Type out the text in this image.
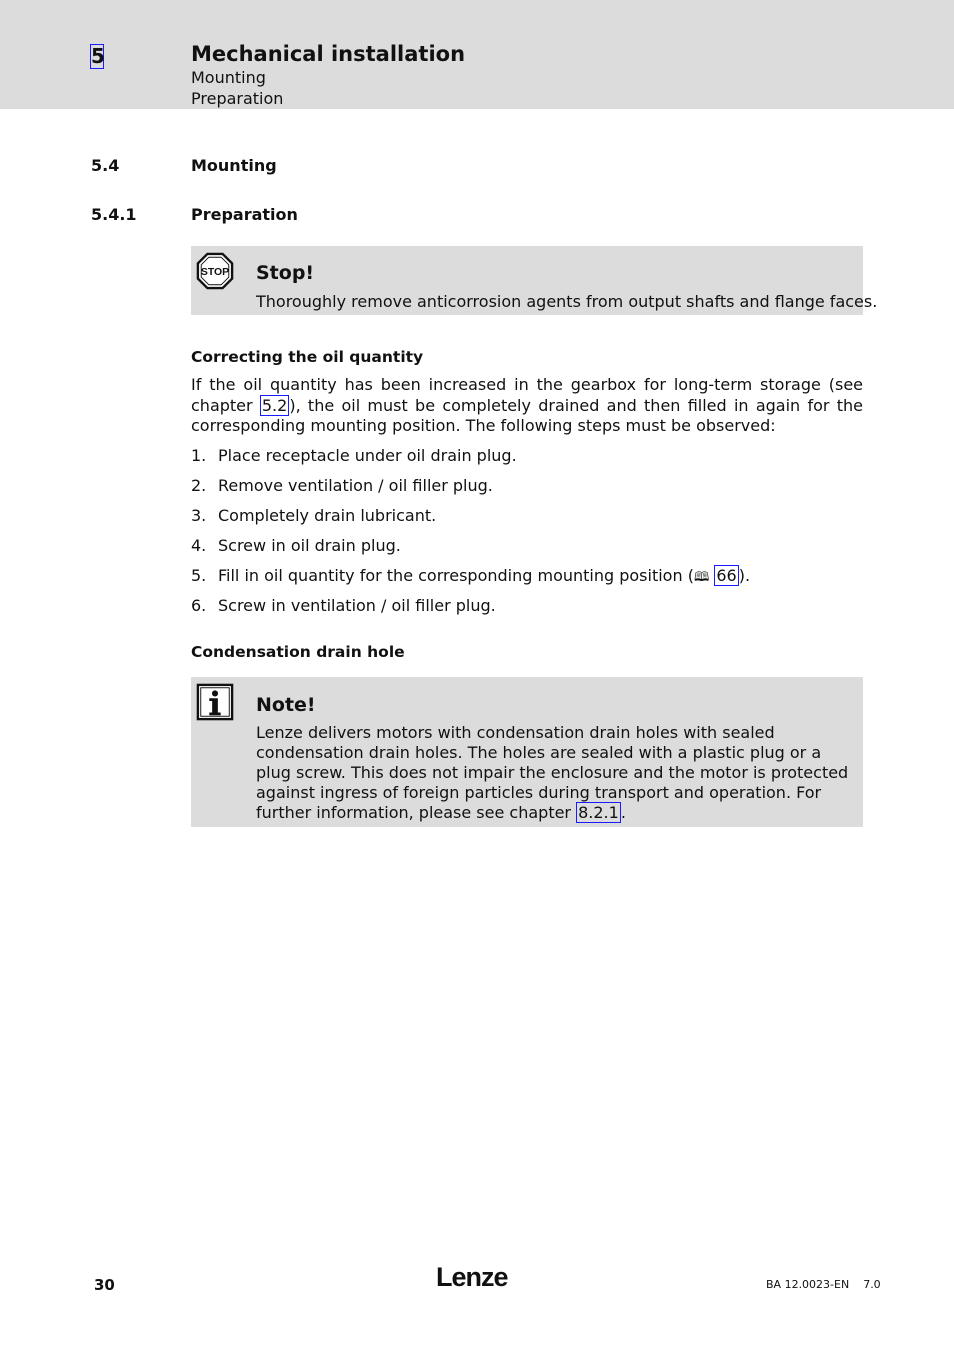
5	Mechanical installation
Mounting
Preparation
5.4	Mounting
5.4.1	Preparation
STOP Stop!
Thoroughly remove anticorrosion agents from output shafts and flange faces.
Correcting the oil quantity
If the oil quantity has been increased in the gearbox for long-term storage (see chapter 5.2 ), the oil must be completely drained and then filled in again for the corresponding mounting position. The following steps must be observed:
1. Place receptacle under oil drain plug.
2. Remove ventilation / oil filler plug.
3. Completely drain lubricant.
4. Screw in oil drain plug.
5. Fill in oil quantity for the corresponding mounting position (🕮 66 ).
6. Screw in ventilation / oil filler plug.
Condensation drain hole
Note!
Lenze delivers motors with condensation drain holes with sealed condensation drain holes. The holes are sealed with a plastic plug or a plug screw. This does not impair the enclosure and the motor is protected against ingress of foreign particles during transport and operation. For further information, please see chapter 8.2.1 .
30	Lenze	BA 12.0023-EN    7.0
